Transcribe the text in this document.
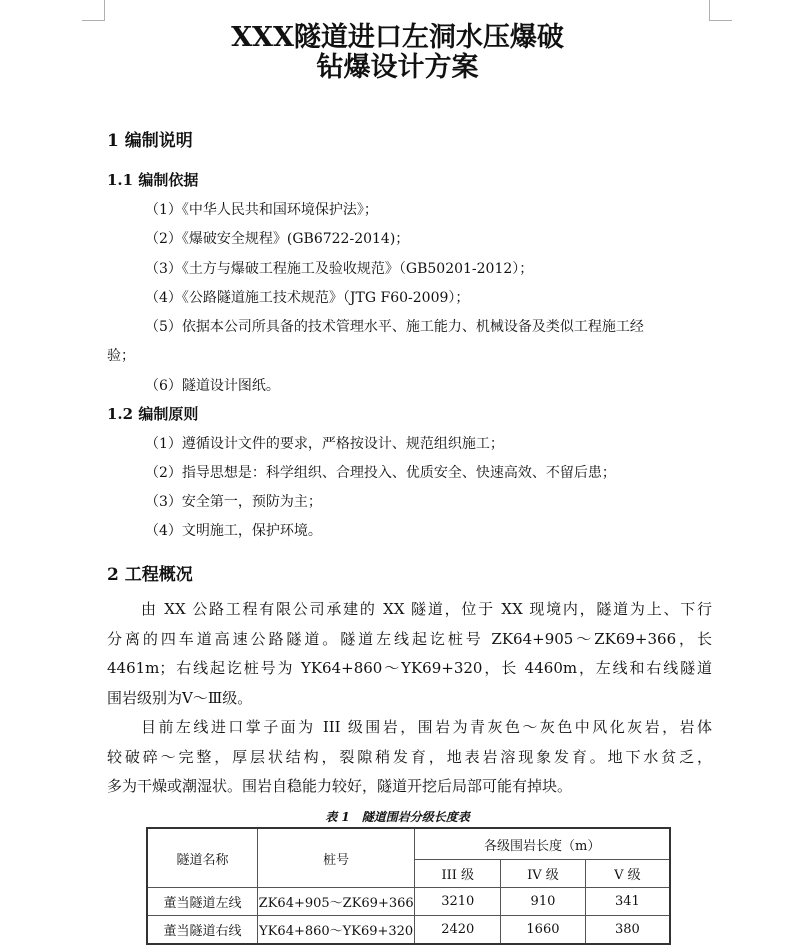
XXX隧道进口左洞水压爆破
钻爆设计方案
1 编制说明
1.1 编制依据
（1）《中华人民共和国环境保护法》；
（2）《爆破安全规程》(GB6722-2014)；
（3）《土方与爆破工程施工及验收规范》（GB50201-2012）；
（4）《公路隧道施工技术规范》（JTG F60-2009）；
（5）依据本公司所具备的技术管理水平、施工能力、机械设备及类似工程施工经
验；
（6）隧道设计图纸。
1.2 编制原则
（1）遵循设计文件的要求，严格按设计、规范组织施工；
（2）指导思想是：科学组织、合理投入、优质安全、快速高效、不留后患；
（3）安全第一，预防为主；
（4）文明施工，保护环境。
2 工程概况
由 XX 公路工程有限公司承建的 XX 隧道，位于 XX 现境内，隧道为上、下行
分离的四车道高速公路隧道。隧道左线起讫桩号 ZK64+905～ZK69+366，长
4461m；右线起讫桩号为 YK64+860～YK69+320，长 4460m，左线和右线隧道
围岩级别为Ⅴ～Ⅲ级。
目前左线进口掌子面为 III 级围岩，围岩为青灰色～灰色中风化灰岩，岩体
较破碎～完整，厚层状结构，裂隙稍发育，地表岩溶现象发育。地下水贫乏，
多为干燥或潮湿状。围岩自稳能力较好，隧道开挖后局部可能有掉块。
表 1　隧道围岩分级长度表
隧道名称	桩号	各级围岩长度（m）		
		III 级	IV 级	V 级
董当隧道左线	ZK64+905～ZK69+366	3210	910	341
董当隧道右线	YK64+860～YK69+320	2420	1660	380
